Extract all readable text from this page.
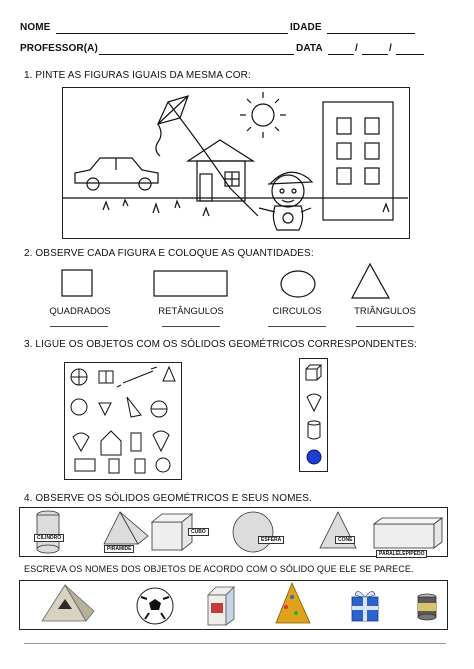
NOME	IDADE
PROFESSOR(A)	DATA	/	/
1. PINTE AS FIGURAS IGUAIS DA MESMA COR:
2. OBSERVE CADA FIGURA E COLOQUE AS QUANTIDADES:
QUADRADOS	RETÂNGULOS	CIRCULOS	TRIÂNGULOS
3. LIGUE OS OBJETOS COM OS SÓLIDOS GEOMÉTRICOS CORRESPONDENTES:
4. OBSERVE OS SÓLIDOS GEOMÉTRICOS E SEUS NOMES.
CILINDRO
PIRÂMIDE
CUBO
ESFERA	CONE
PARALELEPÍPEDO
ESCREVA OS NOMES DOS OBJETOS DE ACORDO COM O SÓLIDO QUE ELE SE PARECE.
